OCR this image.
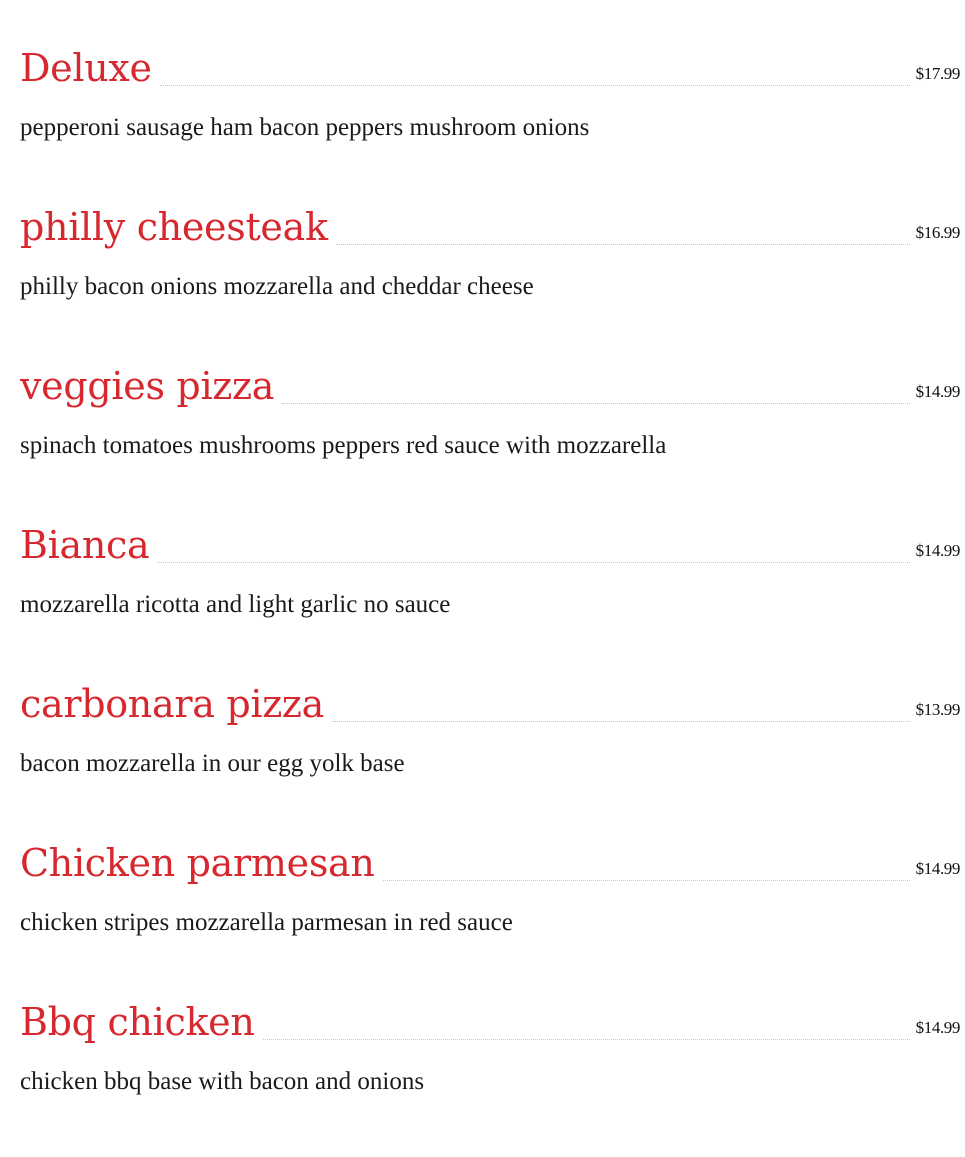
Deluxe	$17.99
pepperoni sausage ham bacon peppers mushroom onions
philly cheesteak	$16.99
philly bacon onions mozzarella and cheddar cheese
veggies pizza	$14.99
spinach tomatoes mushrooms peppers red sauce with mozzarella
Bianca	$14.99
mozzarella ricotta and light garlic no sauce
carbonara pizza	$13.99
bacon mozzarella in our egg yolk base
Chicken parmesan	$14.99
chicken stripes mozzarella parmesan in red sauce
Bbq chicken	$14.99
chicken bbq base with bacon and onions
